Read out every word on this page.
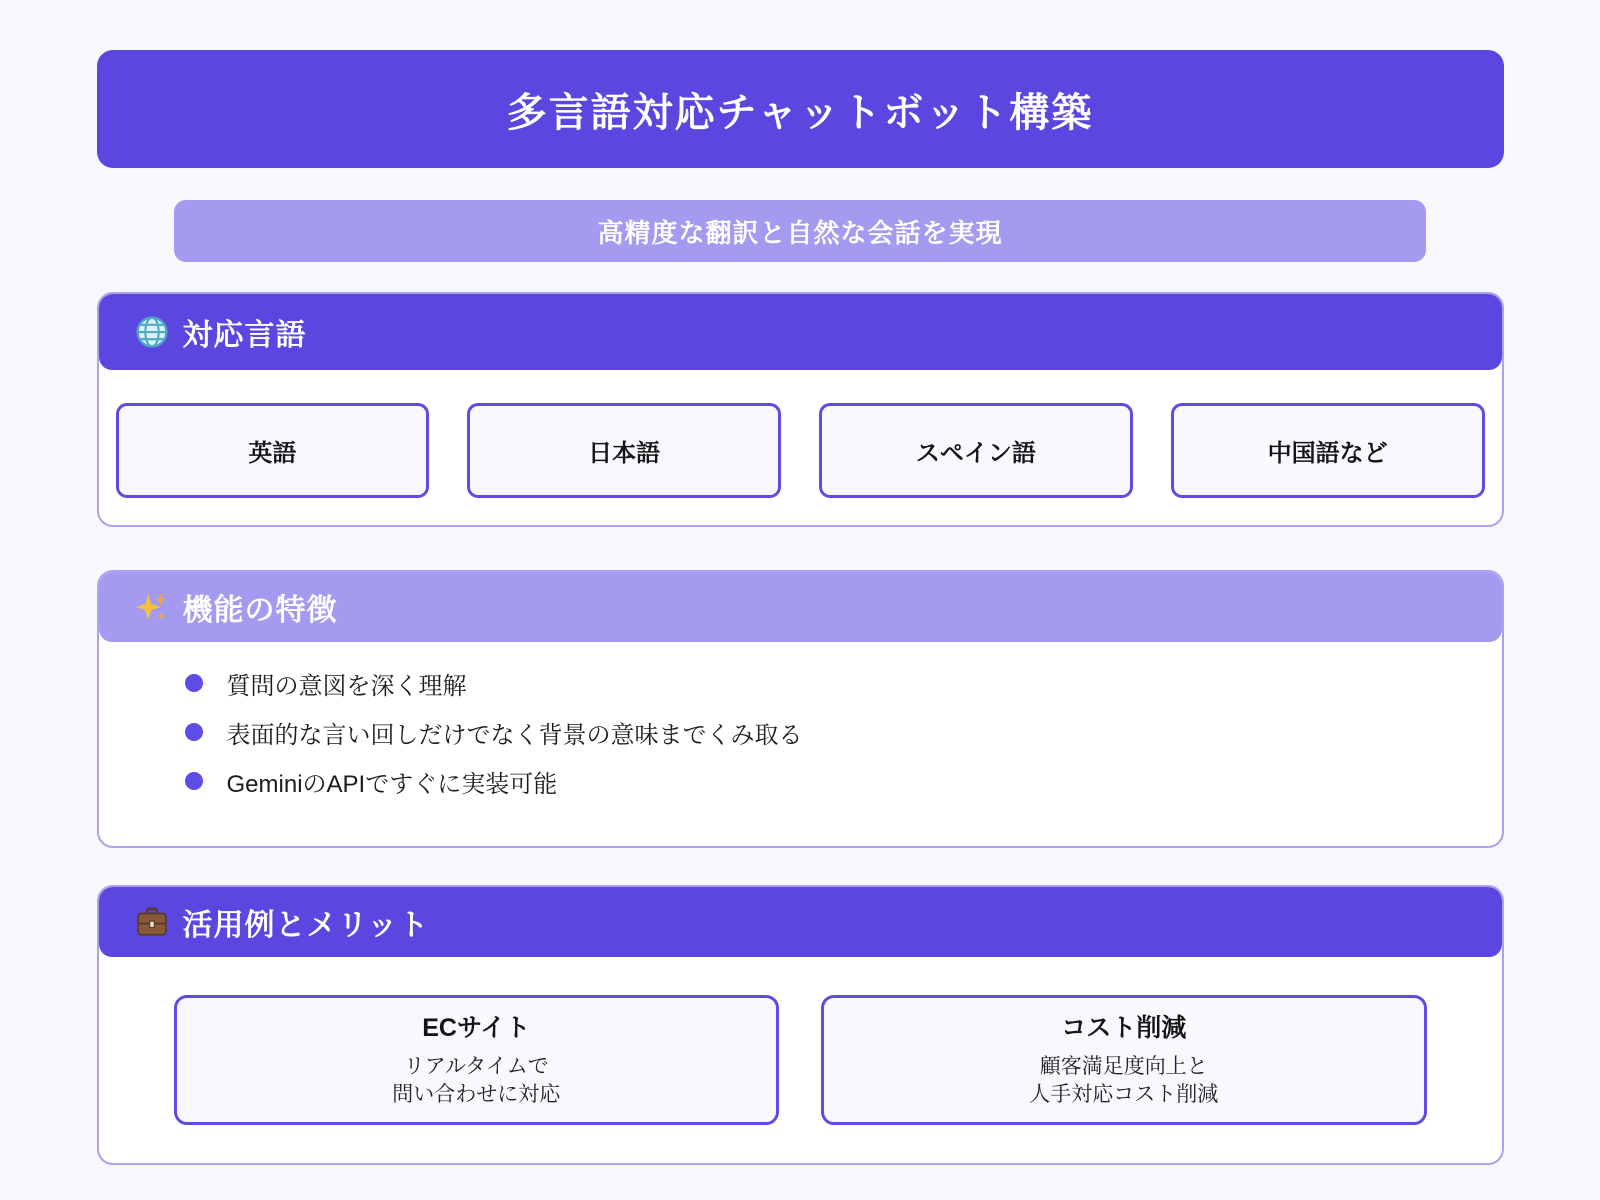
多言語対応チャットボット構築

高精度な翻訳と自然な会話を実現

対応言語
英語	日本語	スペイン語	中国語など
機能の特徴
質問の意図を深く理解
表面的な言い回しだけでなく背景の意味までくみ取る
GeminiのAPIですぐに実装可能
活用例とメリット
ECサイト
リアルタイムで
問い合わせに対応
コスト削減
顧客満足度向上と
人手対応コスト削減
